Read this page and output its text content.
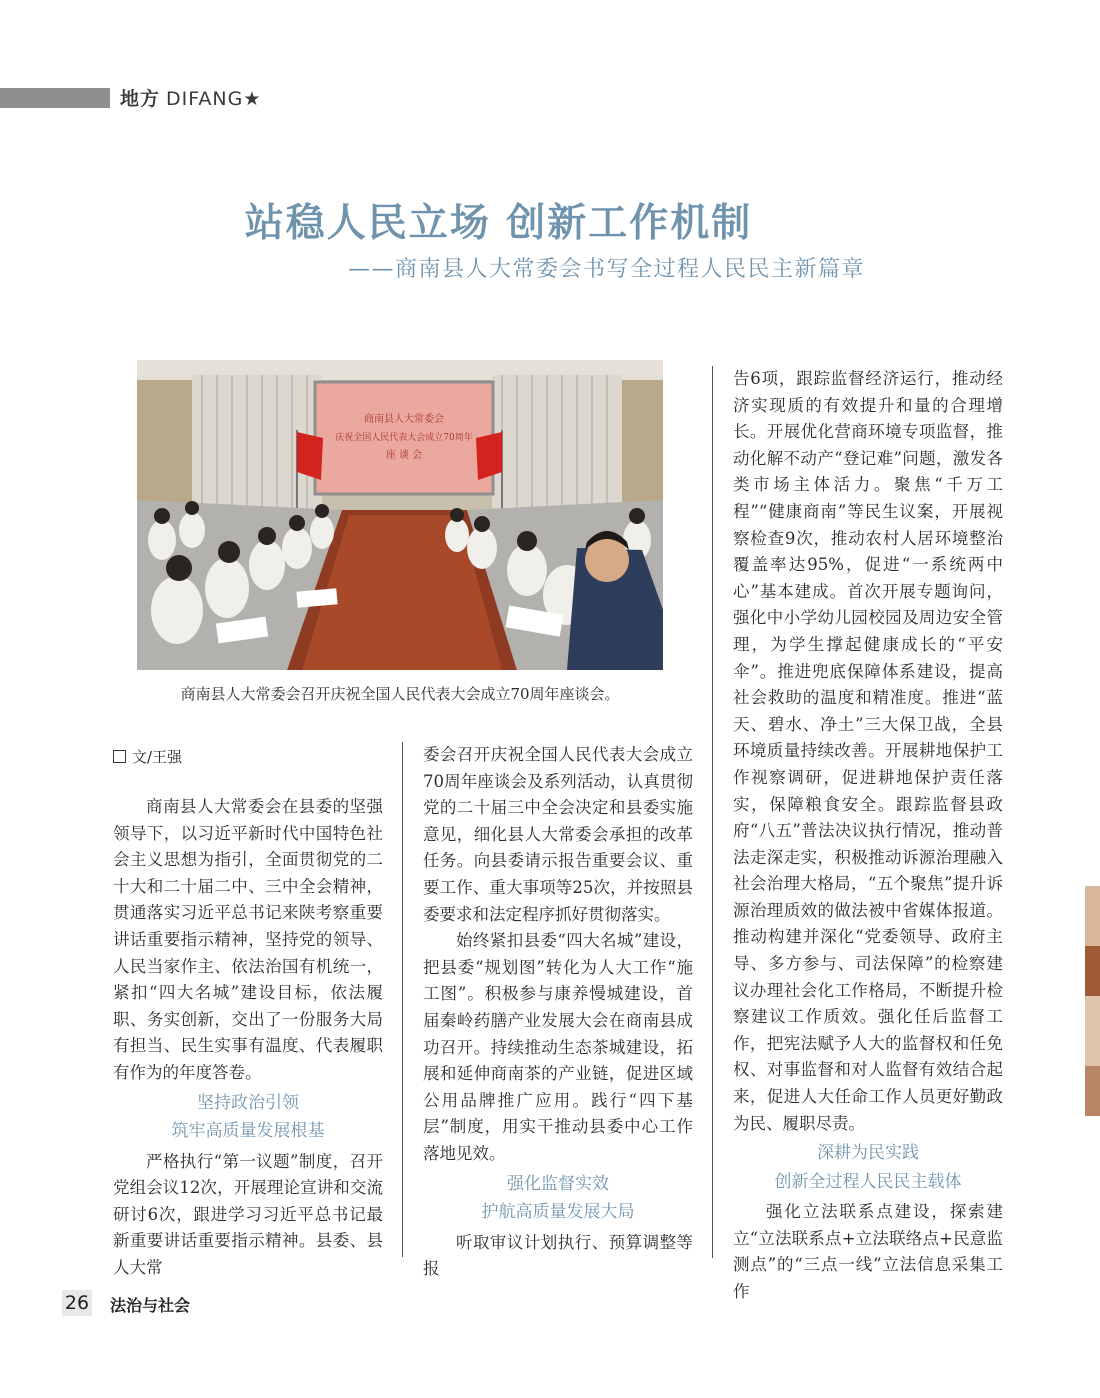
地方 DIFANG★
站稳人民立场 创新工作机制
——商南县人大常委会书写全过程人民民主新篇章
商南县人大常委会
庆祝全国人民代表大会成立70周年
座 谈 会
商南县人大常委会召开庆祝全国人民代表大会成立70周年座谈会。

文/王强

商南县人大常委会在县委的坚强领导下，以习近平新时代中国特色社会主义思想为指引，全面贯彻党的二十大和二十届二中、三中全会精神，贯通落实习近平总书记来陕考察重要讲话重要指示精神，坚持党的领导、人民当家作主、依法治国有机统一，紧扣“四大名城”建设目标，依法履职、务实创新，交出了一份服务大局有担当、民生实事有温度、代表履职有作为的年度答卷。

坚持政治引领
筑牢高质量发展根基

严格执行“第一议题”制度，召开党组会议12次，开展理论宣讲和交流研讨6次，跟进学习习近平总书记最新重要讲话重要指示精神。县委、县人大常

委会召开庆祝全国人民代表大会成立70周年座谈会及系列活动，认真贯彻党的二十届三中全会决定和县委实施意见，细化县人大常委会承担的改革任务。向县委请示报告重要会议、重要工作、重大事项等25次，并按照县委要求和法定程序抓好贯彻落实。

始终紧扣县委“四大名城”建设，把县委“规划图”转化为人大工作“施工图”。积极参与康养慢城建设，首届秦岭药膳产业发展大会在商南县成功召开。持续推动生态茶城建设，拓展和延伸商南茶的产业链，促进区域公用品牌推广应用。践行“四下基层”制度，用实干推动县委中心工作落地见效。

强化监督实效
护航高质量发展大局

听取审议计划执行、预算调整等报

告6项，跟踪监督经济运行，推动经济实现质的有效提升和量的合理增长。开展优化营商环境专项监督，推动化解不动产“登记难”问题，激发各类市场主体活力。聚焦“千万工程”“健康商南”等民生议案，开展视察检查9次，推动农村人居环境整治覆盖率达95%，促进“一系统两中心”基本建成。首次开展专题询问，强化中小学幼儿园校园及周边安全管理，为学生撑起健康成长的“平安伞”。推进兜底保障体系建设，提高社会救助的温度和精准度。推进“蓝天、碧水、净土”三大保卫战，全县环境质量持续改善。开展耕地保护工作视察调研，促进耕地保护责任落实，保障粮食安全。跟踪监督县政府“八五”普法决议执行情况，推动普法走深走实，积极推动诉源治理融入社会治理大格局，“五个聚焦”提升诉源治理质效的做法被中省媒体报道。推动构建并深化“党委领导、政府主导、多方参与、司法保障”的检察建议办理社会化工作格局，不断提升检察建议工作质效。强化任后监督工作，把宪法赋予人大的监督权和任免权、对事监督和对人监督有效结合起来，促进人大任命工作人员更好勤政为民、履职尽责。

深耕为民实践
创新全过程人民民主载体

强化立法联系点建设，探索建立“立法联系点+立法联络点+民意监测点”的“三点一线”立法信息采集工作

26 法治与社会
